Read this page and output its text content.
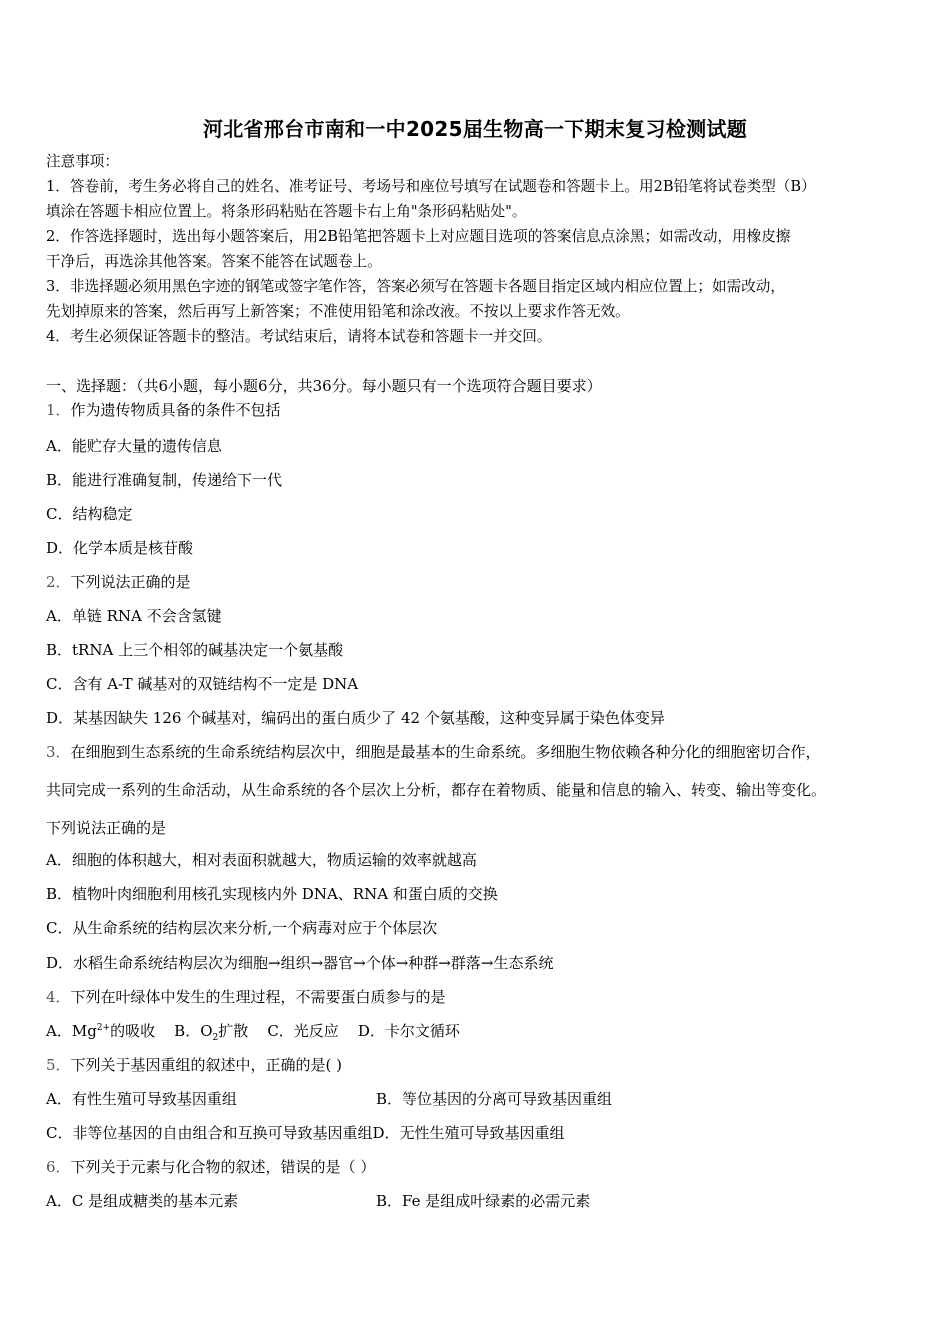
河北省邢台市南和一中2025届生物高一下期末复习检测试题
注意事项：
1．答卷前，考生务必将自己的姓名、准考证号、考场号和座位号填写在试题卷和答题卡上。用2B铅笔将试卷类型（B）
填涂在答题卡相应位置上。将条形码粘贴在答题卡右上角"条形码粘贴处"。
2．作答选择题时，选出每小题答案后，用2B铅笔把答题卡上对应题目选项的答案信息点涂黑；如需改动，用橡皮擦
干净后，再选涂其他答案。答案不能答在试题卷上。
3．非选择题必须用黑色字迹的钢笔或签字笔作答，答案必须写在答题卡各题目指定区域内相应位置上；如需改动，
先划掉原来的答案，然后再写上新答案；不准使用铅笔和涂改液。不按以上要求作答无效。
4．考生必须保证答题卡的整洁。考试结束后，请将本试卷和答题卡一并交回。
一、选择题：（共6小题，每小题6分，共36分。每小题只有一个选项符合题目要求）
1．作为遗传物质具备的条件不包括
A．能贮存大量的遗传信息
B．能进行准确复制，传递给下一代
C．结构稳定
D．化学本质是核苷酸
2．下列说法正确的是
A．单链 RNA 不会含氢键
B．tRNA 上三个相邻的碱基决定一个氨基酸
C．含有 A-T 碱基对的双链结构不一定是 DNA
D．某基因缺失 126 个碱基对，编码出的蛋白质少了 42 个氨基酸，这种变异属于染色体变异
3．在细胞到生态系统的生命系统结构层次中，细胞是最基本的生命系统。多细胞生物依赖各种分化的细胞密切合作，
共同完成一系列的生命活动，从生命系统的各个层次上分析，都存在着物质、能量和信息的输入、转变、输出等变化。
下列说法正确的是
A．细胞的体积越大，相对表面积就越大，物质运输的效率就越高
B．植物叶肉细胞利用核孔实现核内外 DNA、RNA 和蛋白质的交换
C．从生命系统的结构层次来分析,一个病毒对应于个体层次
D．水稻生命系统结构层次为细胞→组织→器官→个体→种群→群落→生态系统
4．下列在叶绿体中发生的生理过程，不需要蛋白质参与的是
A．$Mg^{2+}$的吸收 B．$O_2$扩散 C．光反应 D．卡尔文循环
5．下列关于基因重组的叙述中，正确的是( )
A．有性生殖可导致基因重组	B．等位基因的分离可导致基因重组
C．非等位基因的自由组合和互换可导致基因重组D．无性生殖可导致基因重组
6．下列关于元素与化合物的叙述，错误的是（ ）
A．C 是组成糖类的基本元素	B．Fe 是组成叶绿素的必需元素
